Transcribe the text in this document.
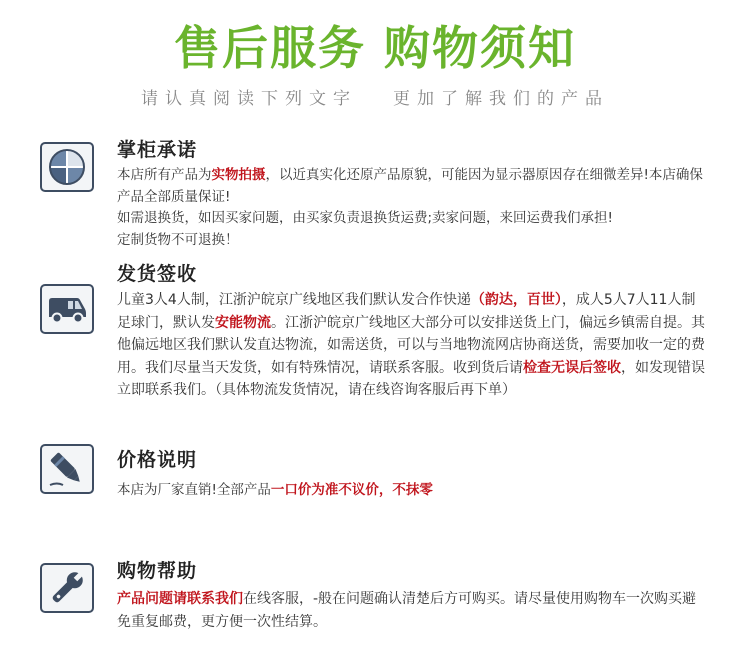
售后服务 购物须知
请认真阅读下列文字 更加了解我们的产品
掌柜承诺
本店所有产品为实物拍摄，以近真实化还原产品原貌，可能因为显示器原因存在细微差异!本店确保产品全部质量保证!
如需退换货，如因买家问题，由买家负责退换货运费;卖家问题，来回运费我们承担!
定制货物不可退换！
发货签收
儿童3人4人制，江浙沪皖京广线地区我们默认发合作快递（韵达，百世），成人5人7人11人制足球门，默认发安能物流。江浙沪皖京广线地区大部分可以安排送货上门，偏远乡镇需自提。其他偏远地区我们默认发直达物流，如需送货，可以与当地物流网店协商送货，需要加收一定的费用。我们尽量当天发货，如有特殊情况，请联系客服。收到货后请检查无误后签收，如发现错误立即联系我们。（具体物流发货情况，请在线咨询客服后再下单）
价格说明
本店为厂家直销!全部产品一口价为准不议价，不抹零
购物帮助
产品问题请联系我们在线客服，-般在问题确认清楚后方可购买。请尽量使用购物车一次购买避免重复邮费，更方便一次性结算。
